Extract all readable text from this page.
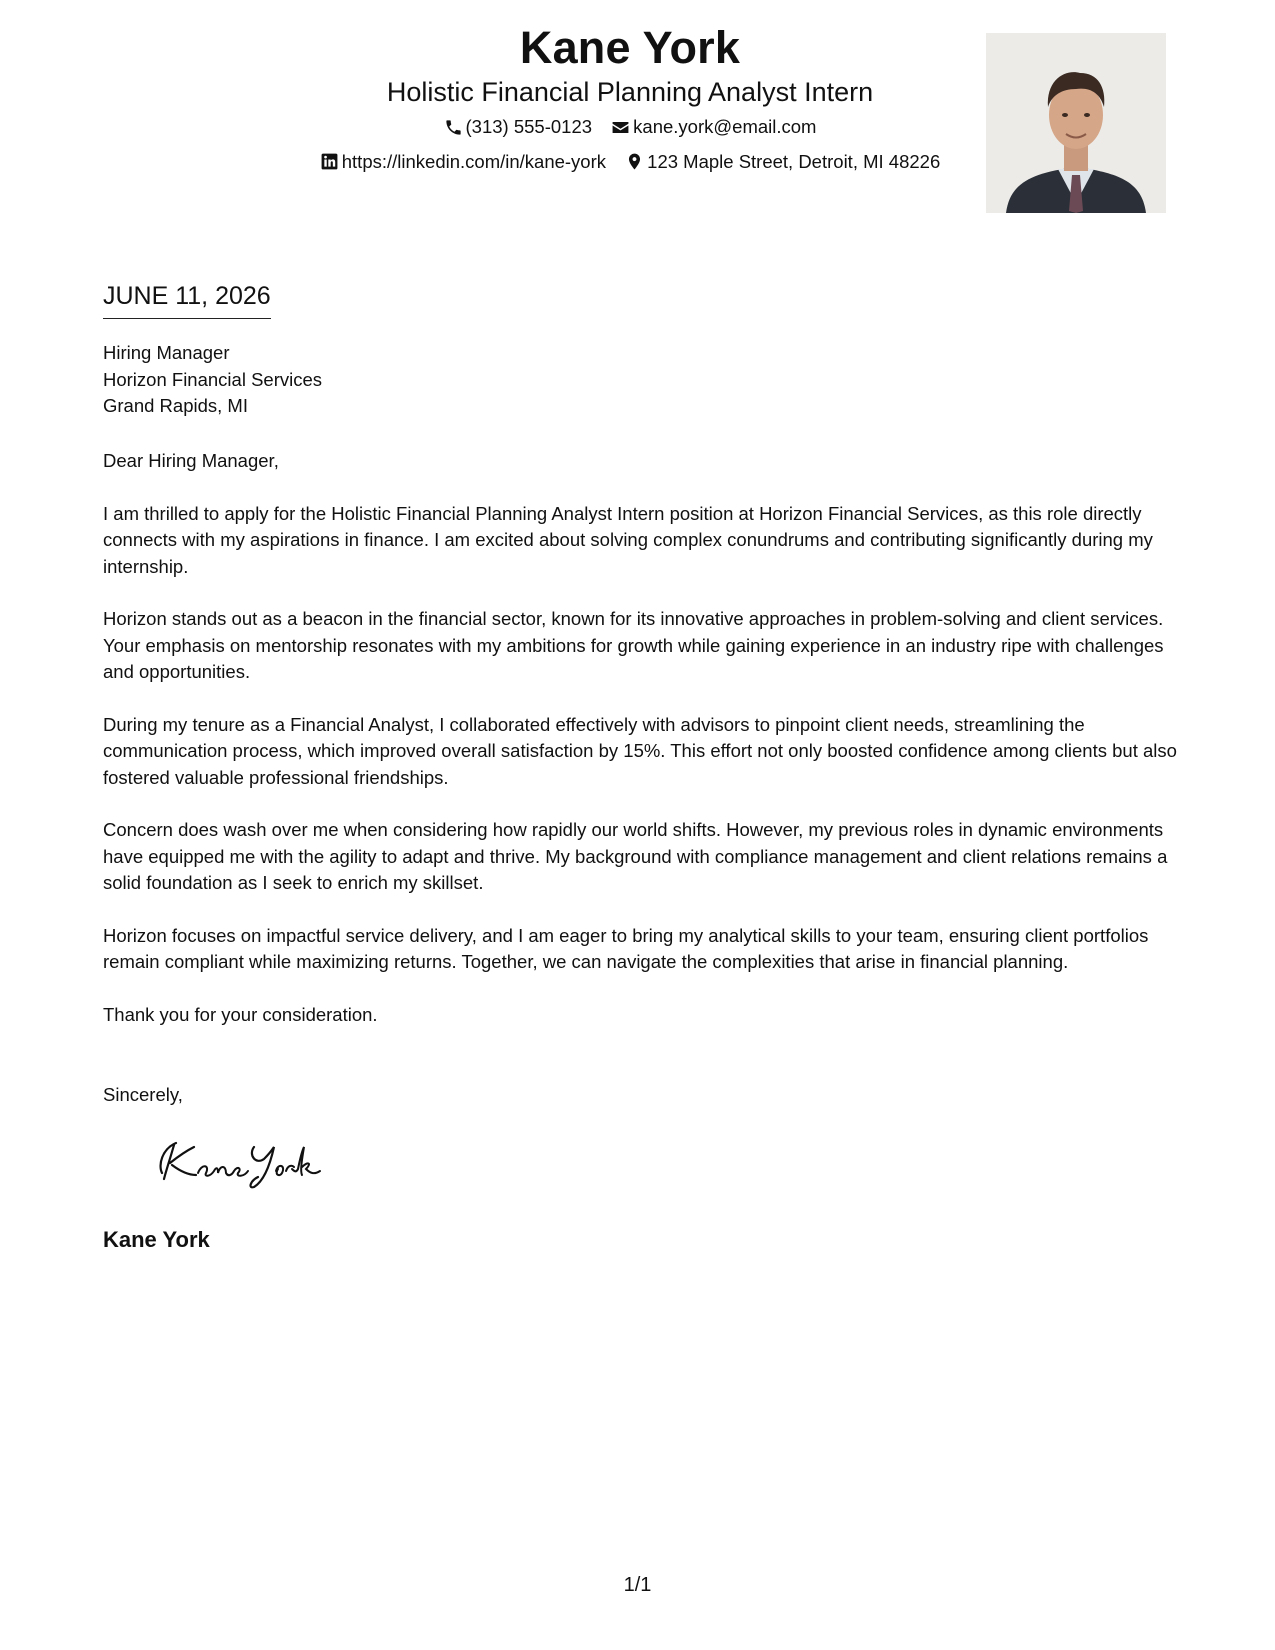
Kane York
Holistic Financial Planning Analyst Intern
(313) 555-0123
kane.york@email.com
https://linkedin.com/in/kane-york
123 Maple Street, Detroit, MI 48226
JUNE 11, 2026
Hiring Manager
Horizon Financial Services
Grand Rapids, MI

Dear Hiring Manager,

I am thrilled to apply for the Holistic Financial Planning Analyst Intern position at Horizon Financial Services, as this role directly connects with my aspirations in finance. I am excited about solving complex conundrums and contributing significantly during my internship.

Horizon stands out as a beacon in the financial sector, known for its innovative approaches in problem-solving and client services. Your emphasis on mentorship resonates with my ambitions for growth while gaining experience in an industry ripe with challenges and opportunities.

During my tenure as a Financial Analyst, I collaborated effectively with advisors to pinpoint client needs, streamlining the communication process, which improved overall satisfaction by 15%. This effort not only boosted confidence among clients but also fostered valuable professional friendships.

Concern does wash over me when considering how rapidly our world shifts. However, my previous roles in dynamic environments have equipped me with the agility to adapt and thrive. My background with compliance management and client relations remains a solid foundation as I seek to enrich my skillset.

Horizon focuses on impactful service delivery, and I am eager to bring my analytical skills to your team, ensuring client portfolios remain compliant while maximizing returns. Together, we can navigate the complexities that arise in financial planning.

Thank you for your consideration.

Sincerely,
Kane York
1/1
